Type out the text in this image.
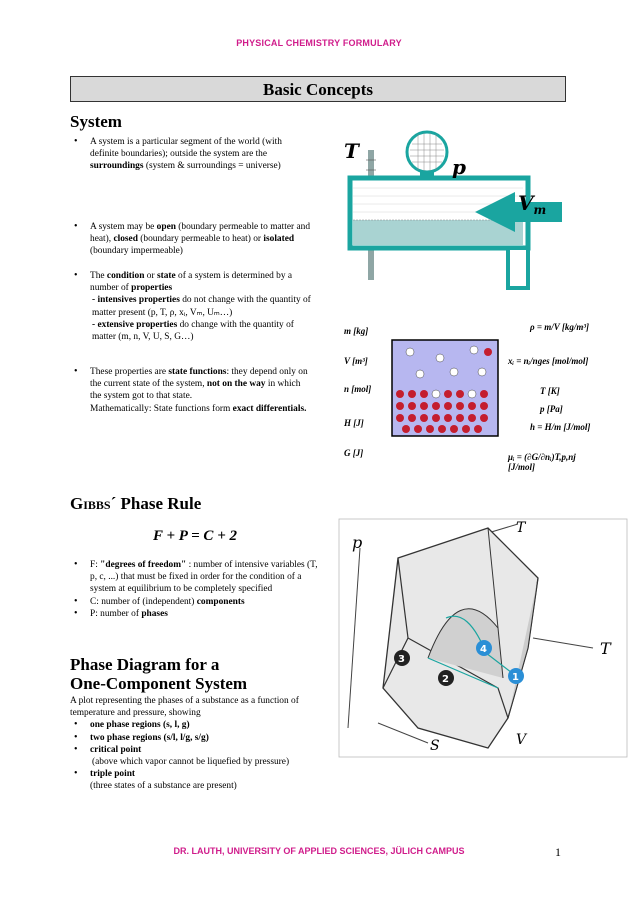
PHYSICAL CHEMISTRY FORMULARY
Basic Concepts
System
• A system is a particular segment of the world (with definite boundaries); outside the system are the surroundings (system & surroundings = universe)
• A system may be open (boundary permeable to matter and heat), closed (boundary permeable to heat) or isolated (boundary impermeable)
• The condition or state of a system is determined by a number of properties
- intensives properties do not change with the quantity of matter present (p, T, ρ, xᵢ, Vₘ, Uₘ…)
- extensive properties do change with the quantity of matter (m, n, V, U, S, G…)
• These properties are state functions: they depend only on the current state of the system, not on the way in which the system got to that state.
Mathematically: State functions form exact differentials.
T
p
$V_m$
m [kg]
V [m³]
n [mol]
H [J]
G [J]
ρ = m/V [kg/m³]
xᵢ = nᵢ/nges [mol/mol]
T [K]
p [Pa]
h = H/m [J/mol]
μᵢ = (∂G/∂nᵢ)T,p,nj [J/mol]
GIBBS´ Phase Rule
F + P = C + 2
• F: "degrees of freedom" : number of intensive variables (T, p, c, ...) that must be fixed in order for the condition of a system at equilibrium to be completely specified
• C: number of (independent) components
• P: number of phases
Phase Diagram for a
One-Component System
A plot representing the phases of a substance as a function of temperature and pressure, showing
• one phase regions (s, l, g)
• two phase regions (s/l, l/g, s/g)
• critical point
(above which vapor cannot be liquefied by pressure)
• triple point
(three states of a substance are present)
3
2
4
1
p
T
T
S	V
DR. LAUTH, UNIVERSITY OF APPLIED SCIENCES, JÜLICH CAMPUS	1
